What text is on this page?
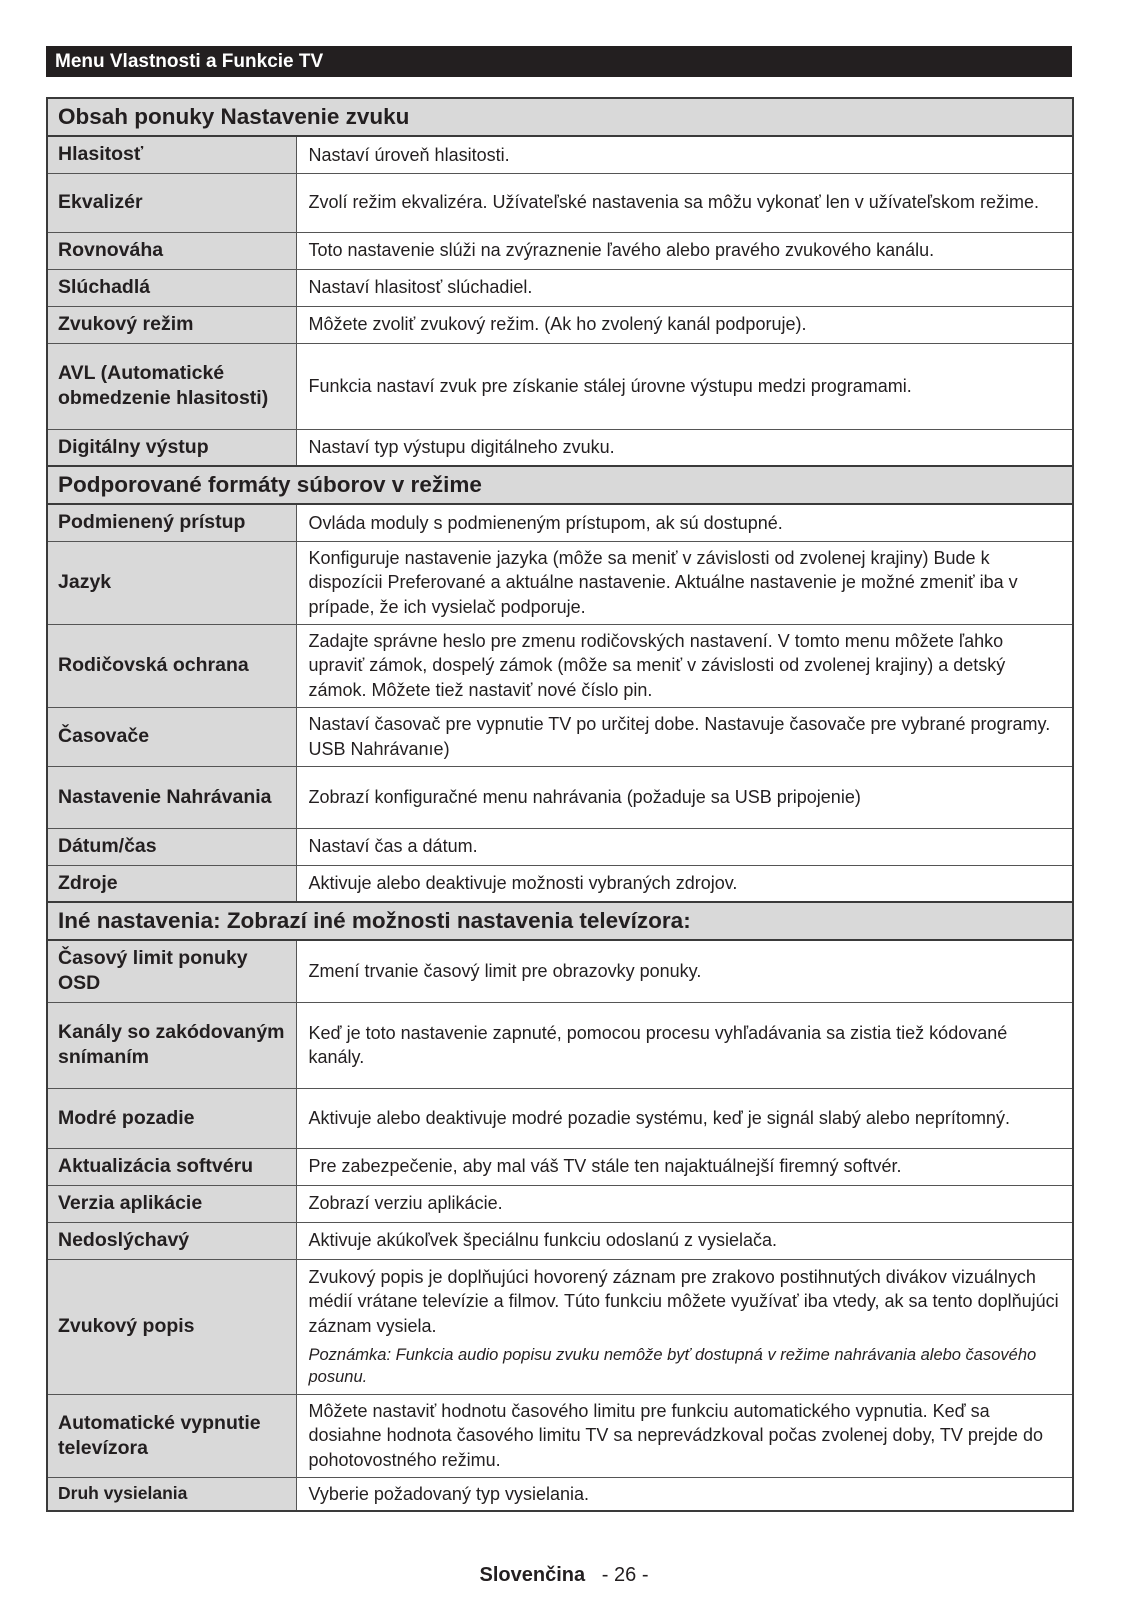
Menu Vlastnosti a Funkcie TV
Obsah ponuky Nastavenie zvuku	
Hlasitosť	Nastaví úroveň hlasitosti.
Ekvalizér	Zvolí režim ekvalizéra. Užívateľské nastavenia sa môžu vykonať len v užívateľskom režime.
Rovnováha	Toto nastavenie slúži na zvýraznenie ľavého alebo pravého zvukového kanálu.
Slúchadlá	Nastaví hlasitosť slúchadiel.
Zvukový režim	Môžete zvoliť zvukový režim. (Ak ho zvolený kanál podporuje).
AVL (Automatické obmedzenie hlasitosti)	Funkcia nastaví zvuk pre získanie stálej úrovne výstupu medzi programami.
Digitálny výstup	Nastaví typ výstupu digitálneho zvuku.
Podporované formáty súborov v režime	
Podmienený prístup	Ovláda moduly s podmieneným prístupom, ak sú dostupné.
Jazyk	Konfiguruje nastavenie jazyka (môže sa meniť v závislosti od zvolenej krajiny) Bude k dispozícii Preferované a aktuálne nastavenie. Aktuálne nastavenie je možné zmeniť iba v prípade, že ich vysielač podporuje.
Rodičovská ochrana	Zadajte správne heslo pre zmenu rodičovských nastavení. V tomto menu môžete ľahko upraviť zámok, dospelý zámok (môže sa meniť v závislosti od zvolenej krajiny) a detský zámok. Môžete tiež nastaviť nové číslo pin.
Časovače	Nastaví časovač pre vypnutie TV po určitej dobe. Nastavuje časovače pre vybrané programy. USB Nahrávanıe)
Nastavenie Nahrávania	Zobrazí konfiguračné menu nahrávania (požaduje sa USB pripojenie)
Dátum/čas	Nastaví čas a dátum.
Zdroje	Aktivuje alebo deaktivuje možnosti vybraných zdrojov.
Iné nastavenia: Zobrazí iné možnosti nastavenia televízora:	
Časový limit ponuky OSD	Zmení trvanie časový limit pre obrazovky ponuky.
Kanály so zakódovaným snímaním	Keď je toto nastavenie zapnuté, pomocou procesu vyhľadávania sa zistia tiež kódované kanály.
Modré pozadie	Aktivuje alebo deaktivuje modré pozadie systému, keď je signál slabý alebo neprítomný.
Aktualizácia softvéru	Pre zabezpečenie, aby mal váš TV stále ten najaktuálnejší firemný softvér.
Verzia aplikácie	Zobrazí verziu aplikácie.
Nedoslýchavý	Aktivuje akúkoľvek špeciálnu funkciu odoslanú z vysielača.
Zvukový popis	Zvukový popis je doplňujúci hovorený záznam pre zrakovo postihnutých divákov vizuálnych médií vrátane televízie a filmov. Túto funkciu môžete využívať iba vtedy, ak sa tento doplňujúci záznam vysiela.
Poznámka: Funkcia audio popisu zvuku nemôže byť dostupná v režime nahrávania alebo časového posunu.

Automatické vypnutie televízora	Môžete nastaviť hodnotu časového limitu pre funkciu automatického vypnutia. Keď sa dosiahne hodnota časového limitu TV sa neprevádzkoval počas zvolenej doby, TV prejde do pohotovostného režimu.
Druh vysielania	Vyberie požadovaný typ vysielania.
Slovenčina - 26 -
